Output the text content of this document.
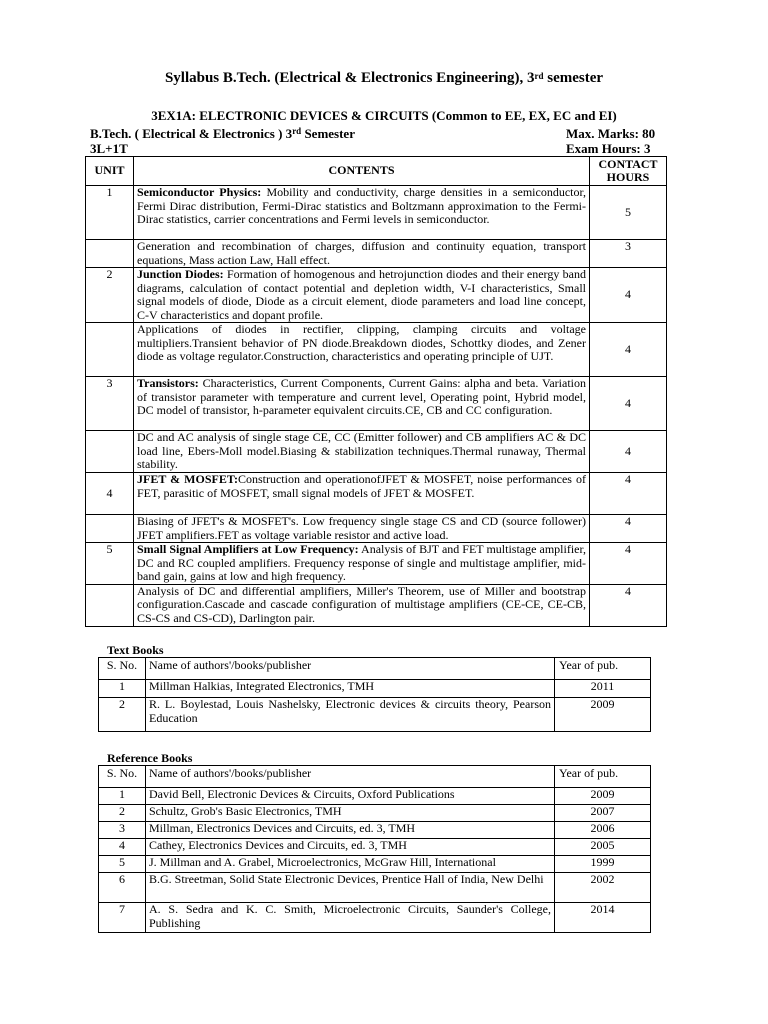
Syllabus B.Tech. (Electrical & Electronics Engineering), 3rd semester
3EX1A: ELECTRONIC DEVICES & CIRCUITS (Common to EE, EX, EC and EI)
B.Tech. ( Electrical & Electronics ) 3rd Semester	Max. Marks: 80
3L+1T	Exam Hours: 3
UNIT	CONTENTS	CONTACT HOURS
1	Semiconductor Physics: Mobility and conductivity, charge densities in a semiconductor, Fermi Dirac distribution, Fermi-Dirac statistics and Boltzmann approximation to the Fermi-Dirac statistics, carrier concentrations and Fermi levels in semiconductor.	5
	Generation and recombination of charges, diffusion and continuity equation, transport equations, Mass action Law, Hall effect.	3
2	Junction Diodes: Formation of homogenous and hetrojunction diodes and their energy band diagrams, calculation of contact potential and depletion width, V-I characteristics, Small signal models of diode, Diode as a circuit element, diode parameters and load line concept, C-V characteristics and dopant profile.	4
	Applications of diodes in rectifier, clipping, clamping circuits and voltage multipliers.Transient behavior of PN diode.Breakdown diodes, Schottky diodes, and Zener diode as voltage regulator.Construction, characteristics and operating principle of UJT.	4
3	Transistors: Characteristics, Current Components, Current Gains: alpha and beta. Variation of transistor parameter with temperature and current level, Operating point, Hybrid model, DC model of transistor, h-parameter equivalent circuits.CE, CB and CC configuration.	4
	DC and AC analysis of single stage CE, CC (Emitter follower) and CB amplifiers AC & DC load line, Ebers-Moll model.Biasing & stabilization techniques.Thermal runaway, Thermal stability.	4
4	JFET & MOSFET:Construction and operationofJFET & MOSFET, noise performances of FET, parasitic of MOSFET, small signal models of JFET & MOSFET.	4
	Biasing of JFET's & MOSFET's. Low frequency single stage CS and CD (source follower) JFET amplifiers.FET as voltage variable resistor and active load.	4
5	Small Signal Amplifiers at Low Frequency: Analysis of BJT and FET multistage amplifier, DC and RC coupled amplifiers. Frequency response of single and multistage amplifier, mid-band gain, gains at low and high frequency.	4
	Analysis of DC and differential amplifiers, Miller's Theorem, use of Miller and bootstrap configuration.Cascade and cascade configuration of multistage amplifiers (CE-CE, CE-CB, CS-CS and CS-CD), Darlington pair.	4
Text Books
S. No.	Name of authors'/books/publisher	Year of pub.
1	Millman Halkias, Integrated Electronics, TMH	2011
2	R. L. Boylestad, Louis Nashelsky, Electronic devices & circuits theory, Pearson Education	2009
Reference Books
S. No.	Name of authors'/books/publisher	Year of pub.
1	David Bell, Electronic Devices & Circuits, Oxford Publications	2009
2	Schultz, Grob's Basic Electronics, TMH	2007
3	Millman, Electronics Devices and Circuits, ed. 3, TMH	2006
4	Cathey, Electronics Devices and Circuits, ed. 3, TMH	2005
5	J. Millman and A. Grabel, Microelectronics, McGraw Hill, International	1999
6	B.G. Streetman, Solid State Electronic Devices, Prentice Hall of India, New Delhi	2002
7	A. S. Sedra and K. C. Smith, Microelectronic Circuits, Saunder's College, Publishing	2014
